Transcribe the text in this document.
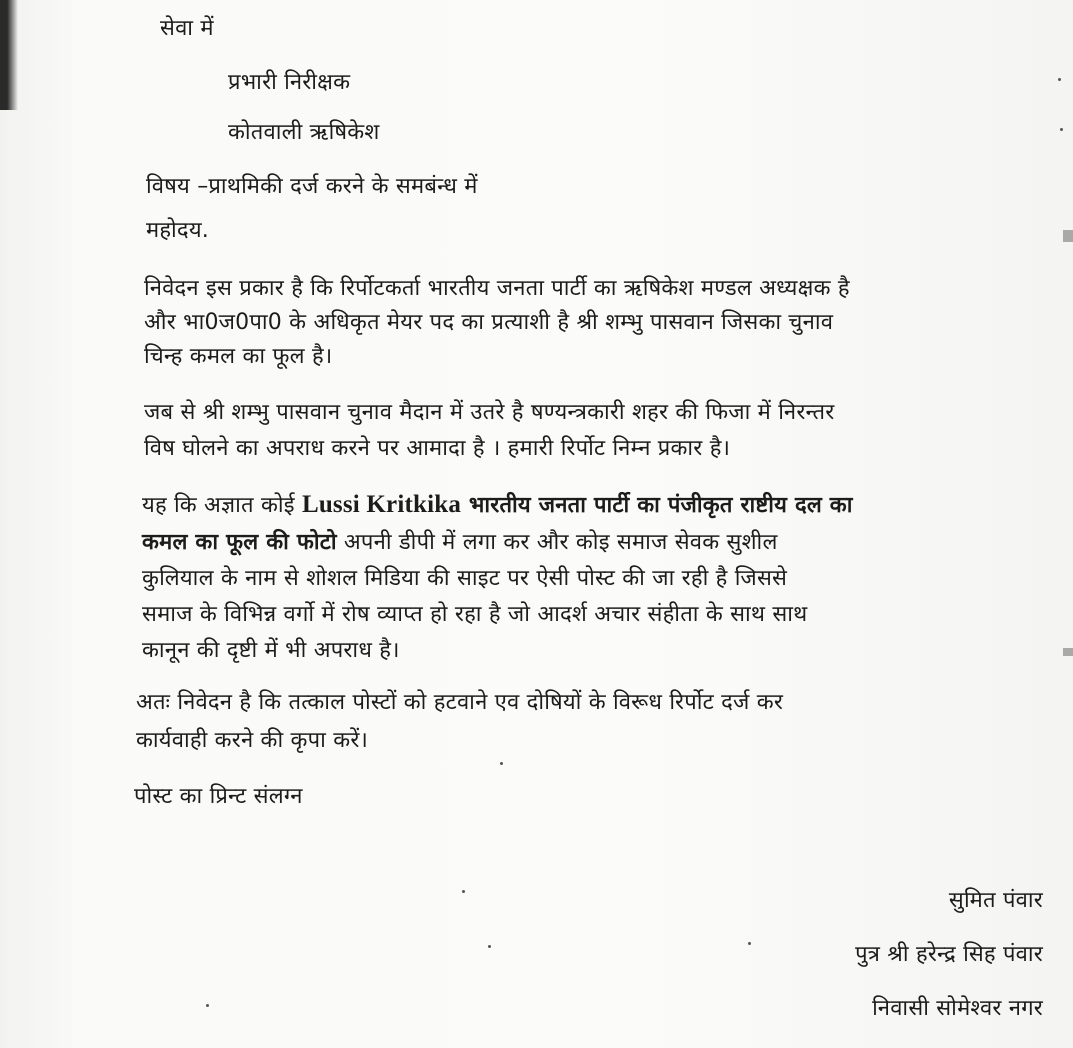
सेवा में
प्रभारी निरीक्षक
कोतवाली ऋषिकेश
विषय –प्राथमिकी दर्ज करने के समबंन्ध में
महोदय.
निवेदन इस प्रकार है कि रिर्पोटकर्ता भारतीय जनता पार्टी का ऋषिकेश मण्डल अध्यक्षक है
और भा0ज0पा0 के अधिकृत मेयर पद का प्रत्याशी है श्री शम्भु पासवान जिसका चुनाव
चिन्ह कमल का फूल है।
जब से श्री शम्भु पासवान चुनाव मैदान में उतरे है षण्यन्त्रकारी शहर की फिजा में निरन्तर
विष घोलने का अपराध करने पर आमादा है । हमारी रिर्पोट निम्न प्रकार है।
यह कि अज्ञात कोई Lussi Kritkika भारतीय जनता पार्टी का पंजीकृत राष्टीय दल का
कमल का फूल की फोटो अपनी डीपी में लगा कर और कोइ समाज सेवक सुशील
कुलियाल के नाम से शोशल मिडिया की साइट पर ऐसी पोस्ट की जा रही है जिससे
समाज के विभिन्न वर्गो में रोष व्याप्त हो रहा है जो आदर्श अचार संहीता के साथ साथ
कानून की दृष्टी में भी अपराध है।
अतः निवेदन है कि तत्काल पोस्टों को हटवाने एव दोषियों के विरूध रिर्पोट दर्ज कर
कार्यवाही करने की कृपा करें।
पोस्ट का प्रिन्ट संलग्न
सुमित पंवार
पुत्र श्री हरेन्द्र सिह पंवार
निवासी सोमेश्वर नगर
